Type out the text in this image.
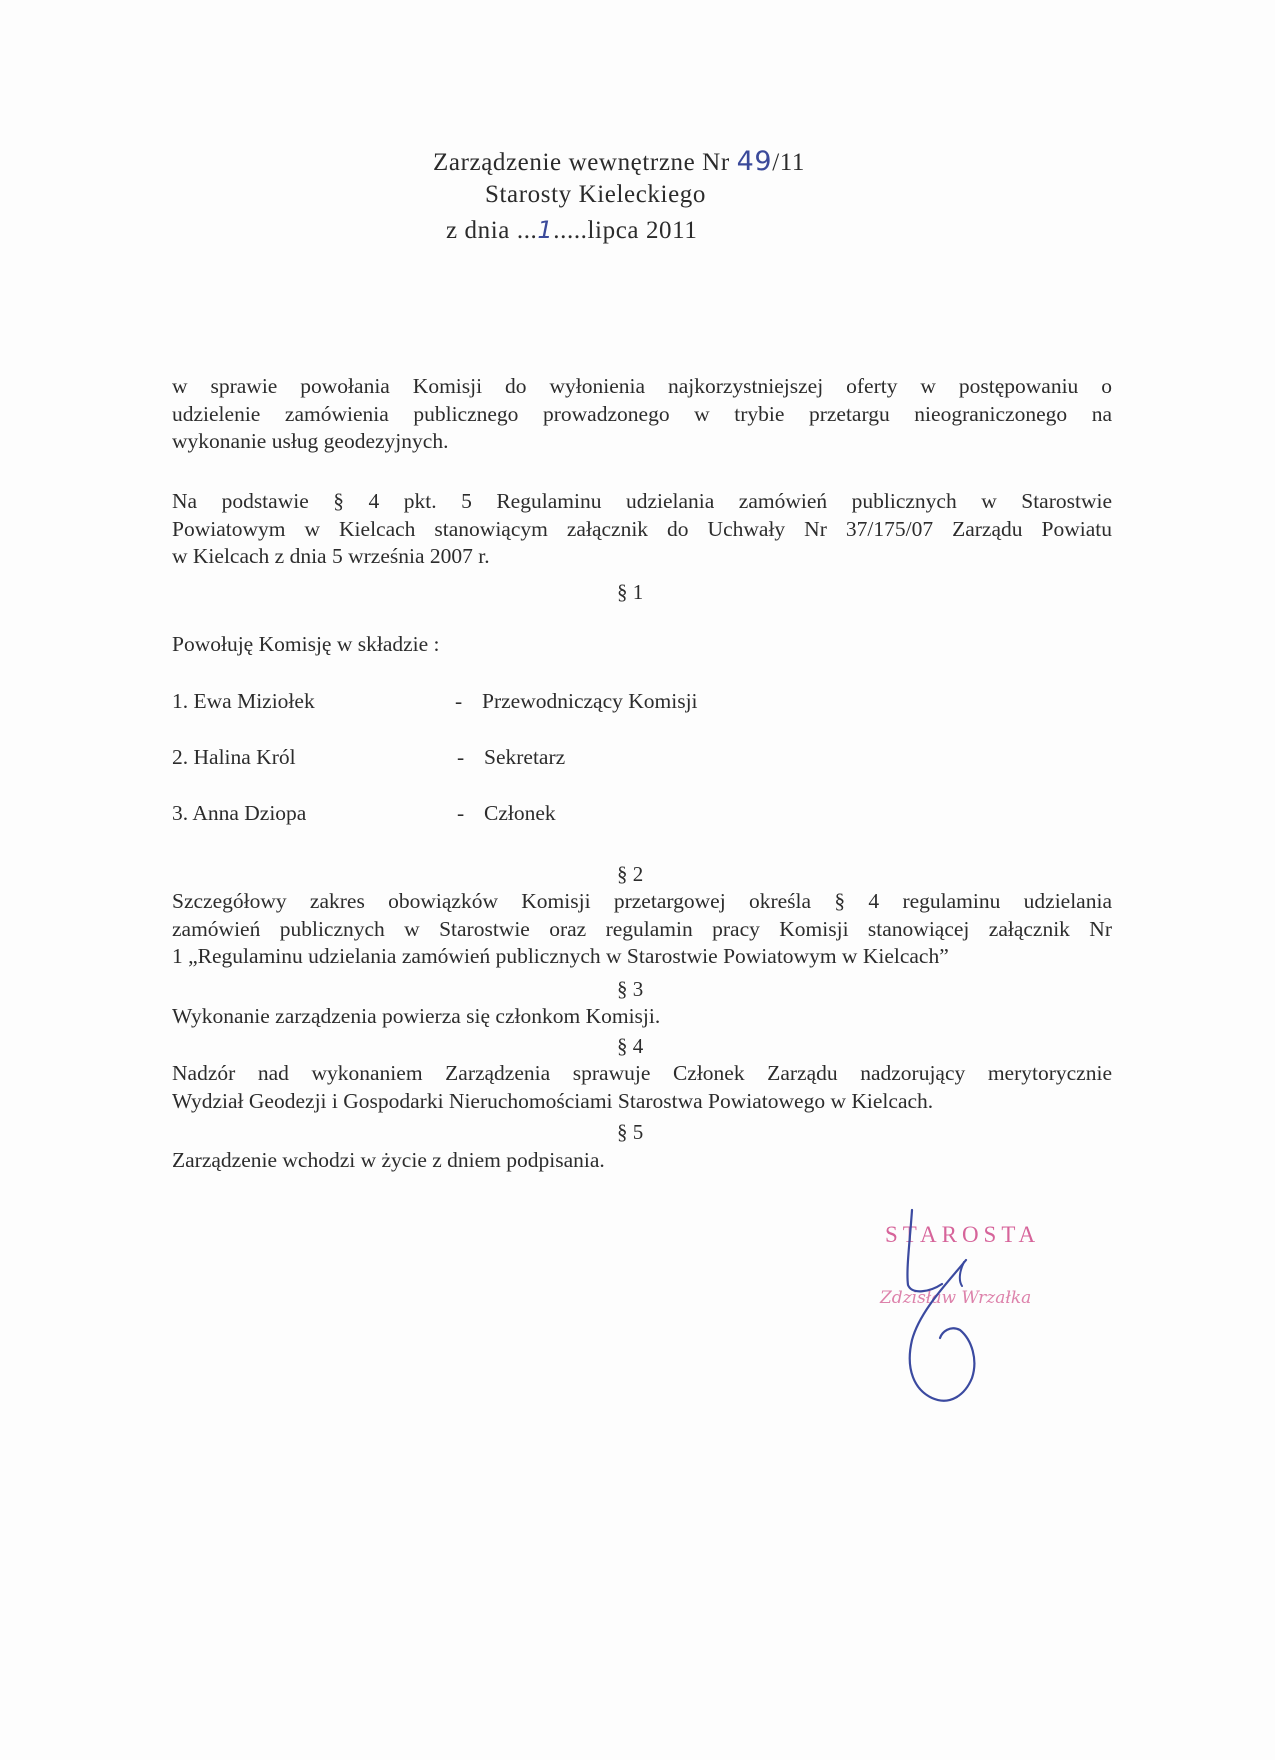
Zarządzenie wewnętrzne Nr 49/11
Starosty Kieleckiego
z dnia ...1.....lipca 2011
w sprawie powołania Komisji do wyłonienia najkorzystniejszej oferty w postępowaniu o
udzielenie zamówienia publicznego prowadzonego w trybie przetargu nieograniczonego na
wykonanie usług geodezyjnych.
Na podstawie § 4 pkt. 5 Regulaminu udzielania zamówień publicznych w Starostwie
Powiatowym w Kielcach stanowiącym załącznik do Uchwały Nr 37/175/07 Zarządu Powiatu
w Kielcach z dnia 5 września 2007 r.
§ 1
Powołuję Komisję w składzie :
1. Ewa Miziołek	- Przewodniczący Komisji
2. Halina Król	- Sekretarz
3. Anna Dziopa	- Członek
§ 2
Szczegółowy zakres obowiązków Komisji przetargowej określa § 4 regulaminu udzielania
zamówień publicznych w Starostwie oraz regulamin pracy Komisji stanowiącej załącznik Nr
1 „Regulaminu udzielania zamówień publicznych w Starostwie Powiatowym w Kielcach”
§ 3
Wykonanie zarządzenia powierza się członkom Komisji.
§ 4
Nadzór nad wykonaniem Zarządzenia sprawuje Członek Zarządu nadzorujący merytorycznie
Wydział Geodezji i Gospodarki Nieruchomościami Starostwa Powiatowego w Kielcach.
§ 5
Zarządzenie wchodzi w życie z dniem podpisania.
STAROSTA
Zdzisław Wrzałka
